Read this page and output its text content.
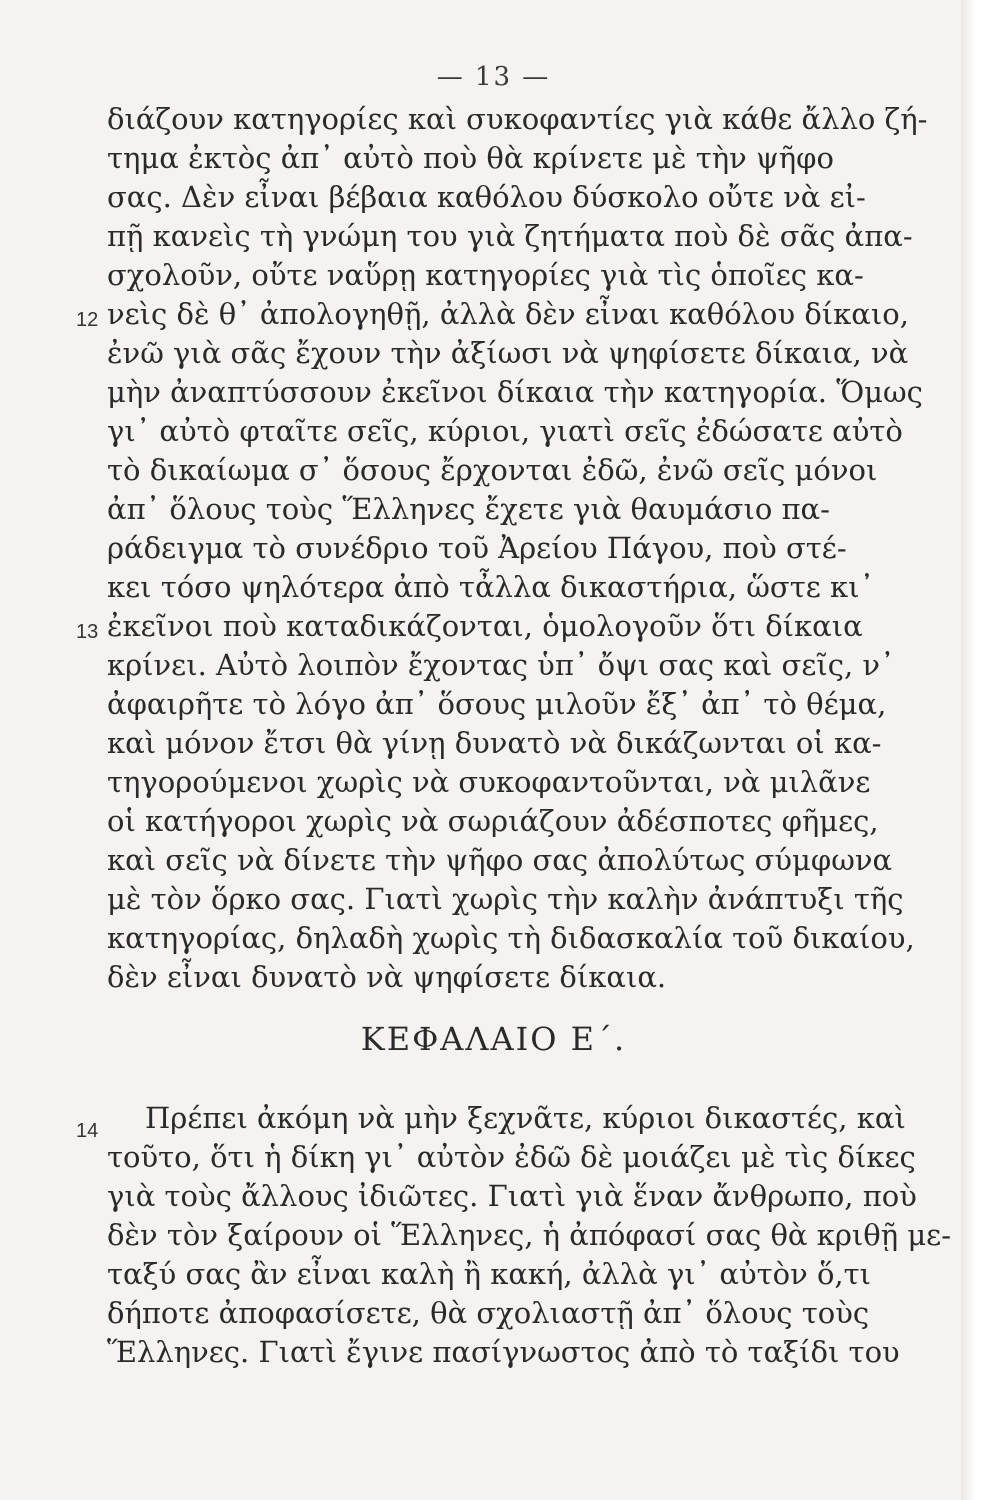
— 13 —
διάζουν κατηγορίες καὶ συκοφαντίες γιὰ κάθε ἄλλο ζή-
τημα ἐκτὸς ἀπ᾽ αὐτὸ ποὺ θὰ κρίνετε μὲ τὴν ψῆφο
σας. Δὲν εἶναι βέβαια καθόλου δύσκολο οὔτε νὰ εἰ-
πῇ κανεὶς τὴ γνώμη του γιὰ ζητήματα ποὺ δὲ σᾶς ἀπα-
σχολοῦν, οὔτε ναὕρῃ κατηγορίες γιὰ τὶς ὁποῖες κα-
νεὶς δὲ θ᾽ ἀπολογηθῇ, ἀλλὰ δὲν εἶναι καθόλου δίκαιο,
ἐνῶ γιὰ σᾶς ἔχουν τὴν ἀξίωσι νὰ ψηφίσετε δίκαια, νὰ
μὴν ἀναπτύσσουν ἐκεῖνοι δίκαια τὴν κατηγορία. Ὅμως
γι᾽ αὐτὸ φταῖτε σεῖς, κύριοι, γιατὶ σεῖς ἐδώσατε αὐτὸ
τὸ δικαίωμα σ᾽ ὅσους ἔρχονται ἐδῶ, ἐνῶ σεῖς μόνοι
ἀπ᾽ ὅλους τοὺς Ἕλληνες ἔχετε γιὰ θαυμάσιο πα-
ράδειγμα τὸ συνέδριο τοῦ Ἀρείου Πάγου, ποὺ στέ-
κει τόσο ψηλότερα ἀπὸ τἆλλα δικαστήρια, ὥστε κι᾽
ἐκεῖνοι ποὺ καταδικάζονται, ὁμολογοῦν ὅτι δίκαια
κρίνει. Αὐτὸ λοιπὸν ἔχοντας ὑπ᾽ ὄψι σας καὶ σεῖς, ν᾽
ἀφαιρῆτε τὸ λόγο ἀπ᾽ ὅσους μιλοῦν ἔξ᾽ ἀπ᾽ τὸ θέμα,
καὶ μόνον ἔτσι θὰ γίνῃ δυνατὸ νὰ δικάζωνται οἱ κα-
τηγορούμενοι χωρὶς νὰ συκοφαντοῦνται, νὰ μιλᾶνε
οἱ κατήγοροι χωρὶς νὰ σωριάζουν ἀδέσποτες φῆμες,
καὶ σεῖς νὰ δίνετε τὴν ψῆφο σας ἀπολύτως σύμφωνα
μὲ τὸν ὅρκο σας. Γιατὶ χωρὶς τὴν καλὴν ἀνάπτυξι τῆς
κατηγορίας, δηλαδὴ χωρὶς τὴ διδασκαλία τοῦ δικαίου,
δὲν εἶναι δυνατὸ νὰ ψηφίσετε δίκαια.
12
13
14
ΚΕΦΑΛΑΙΟ Ε΄.
Πρέπει ἀκόμη νὰ μὴν ξεχνᾶτε, κύριοι δικαστές, καὶ
τοῦτο, ὅτι ἡ δίκη γι᾽ αὐτὸν ἐδῶ δὲ μοιάζει μὲ τὶς δίκες
γιὰ τοὺς ἄλλους ἰδιῶτες. Γιατὶ γιὰ ἕναν ἄνθρωπο, ποὺ
δὲν τὸν ξαίρουν οἱ Ἕλληνες, ἡ ἀπόφασί σας θὰ κριθῇ με-
ταξύ σας ἂν εἶναι καλὴ ἢ κακή, ἀλλὰ γι᾽ αὐτὸν ὅ,τι
δήποτε ἀποφασίσετε, θὰ σχολιαστῇ ἀπ᾽ ὅλους τοὺς
Ἕλληνες. Γιατὶ ἔγινε πασίγνωστος ἀπὸ τὸ ταξίδι του
